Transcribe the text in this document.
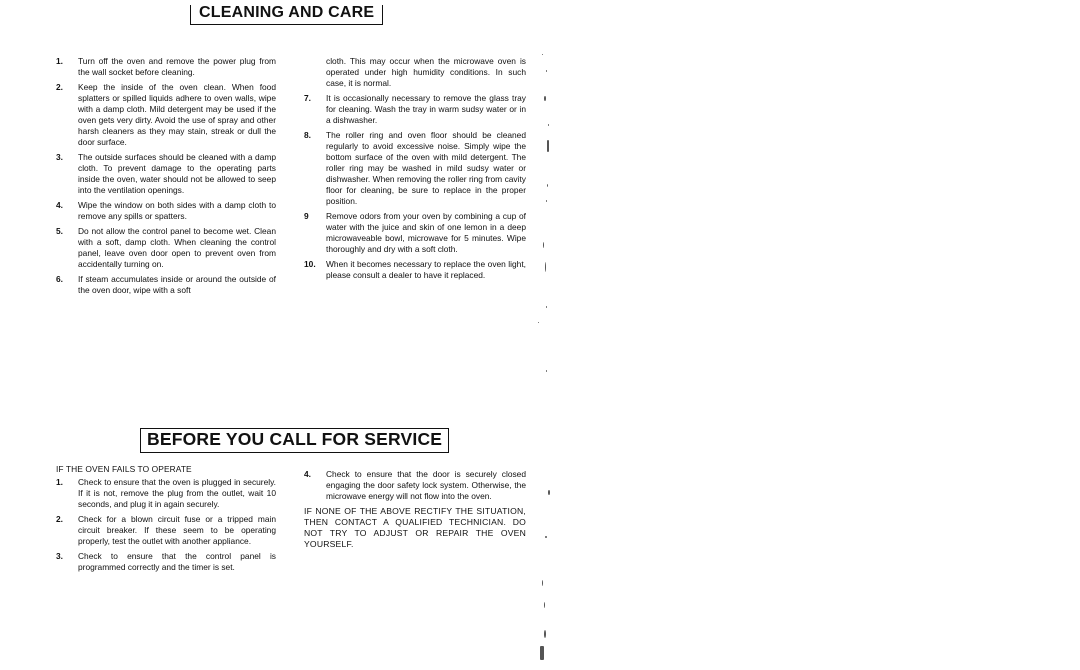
CLEANING AND CARE
1.	Turn off the oven and remove the power plug from the wall socket before cleaning.
2.	Keep the inside of the oven clean. When food splatters or spilled liquids adhere to oven walls, wipe with a damp cloth. Mild detergent may be used if the oven gets very dirty. Avoid the use of spray and other harsh cleaners as they may stain, streak or dull the door surface.
3.	The outside surfaces should be cleaned with a damp cloth. To prevent damage to the operating parts inside the oven, water should not be allowed to seep into the ventilation openings.
4.	Wipe the window on both sides with a damp cloth to remove any spills or spatters.
5.	Do not allow the control panel to become wet. Clean with a soft, damp cloth. When cleaning the control panel, leave oven door open to prevent oven from accidentally turning on.
6.	If steam accumulates inside or around the outside of the oven door, wipe with a soft
cloth. This may occur when the microwave oven is operated under high humidity conditions. In such case, it is normal.
7.	It is occasionally necessary to remove the glass tray for cleaning. Wash the tray in warm sudsy water or in a dishwasher.
8.	The roller ring and oven floor should be cleaned regularly to avoid excessive noise. Simply wipe the bottom surface of the oven with mild detergent. The roller ring may be washed in mild sudsy water or dishwasher. When removing the roller ring from cavity floor for cleaning, be sure to replace in the proper position.
9	Remove odors from your oven by combining a cup of water with the juice and skin of one lemon in a deep microwaveable bowl, microwave for 5 minutes. Wipe thoroughly and dry with a soft cloth.
10.	When it becomes necessary to replace the oven light, please consult a dealer to have it replaced.
BEFORE YOU CALL FOR SERVICE
IF THE OVEN FAILS TO OPERATE
1.	Check to ensure that the oven is plugged in securely. If it is not, remove the plug from the outlet, wait 10 seconds, and plug it in again securely.
2.	Check for a blown circuit fuse or a tripped main circuit breaker. If these seem to be operating properly, test the outlet with another appliance.
3.	Check to ensure that the control panel is programmed correctly and the timer is set.
4.	Check to ensure that the door is securely closed engaging the door safety lock system. Otherwise, the microwave energy will not flow into the oven.
IF NONE OF THE ABOVE RECTIFY THE SITUATION, THEN CONTACT A QUALIFIED TECHNICIAN. DO NOT TRY TO ADJUST OR REPAIR THE OVEN YOURSELF.
